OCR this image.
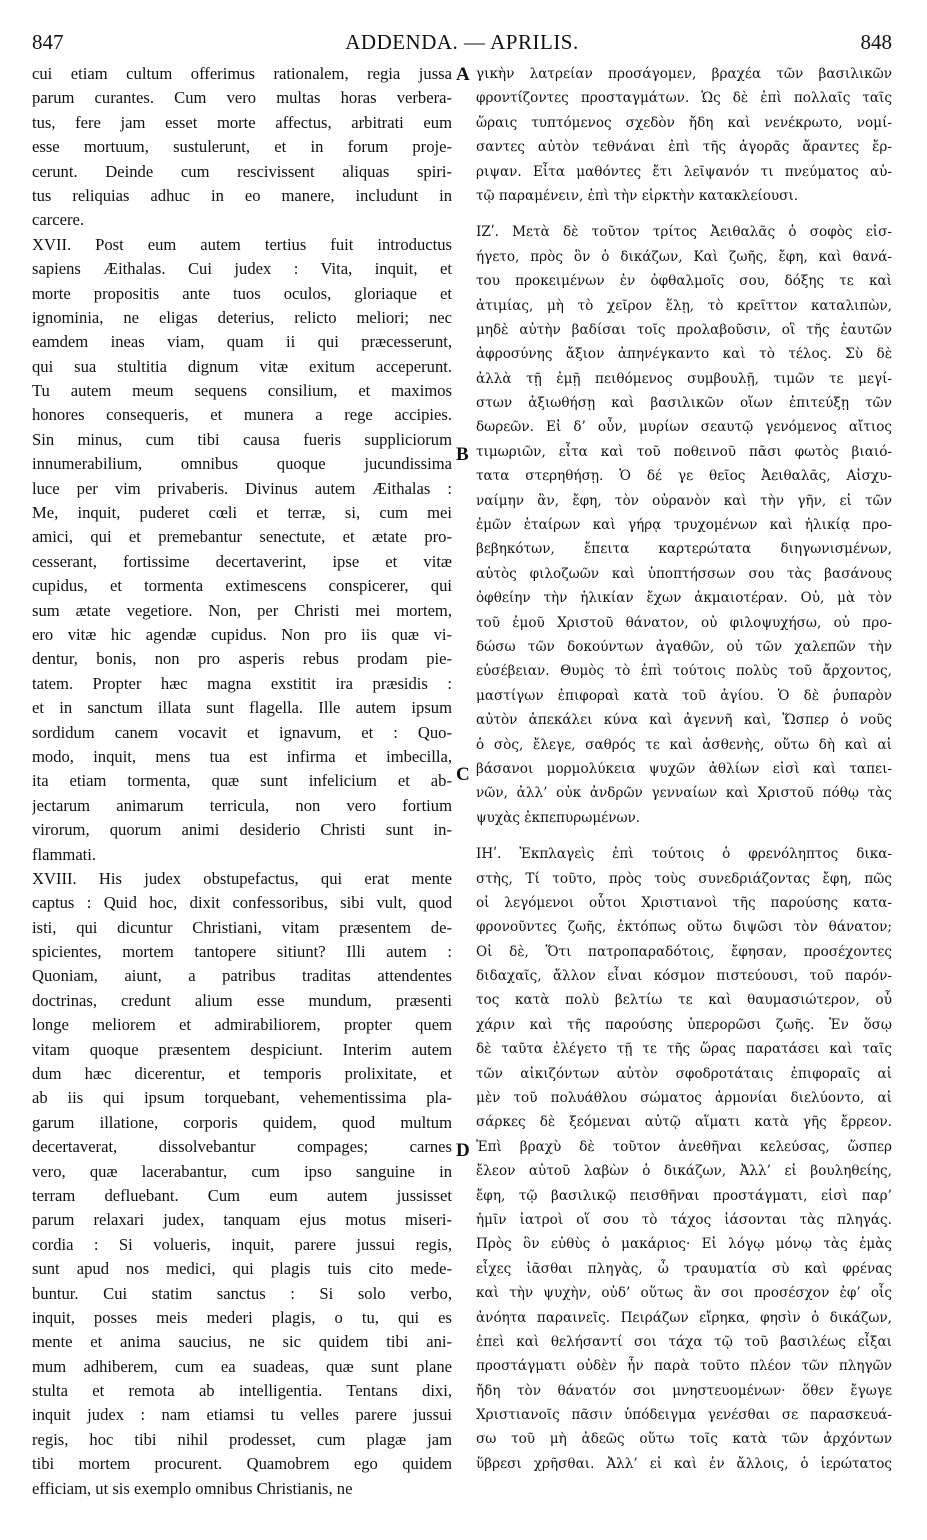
847	ADDENDA. — APRILIS.	848
cui etiam cultum offerimus rationalem, regia jussa
parum curantes. Cum vero multas horas verbera-
tus, fere jam esset morte affectus, arbitrati eum
esse mortuum, sustulerunt, et in forum proje-
cerunt. Deinde cum rescivissent aliquas spiri-
tus reliquias adhuc in eo manere, includunt in
carcere.
XVII. Post eum autem tertius fuit introductus
sapiens Æithalas. Cui judex : Vita, inquit, et
morte propositis ante tuos oculos, gloriaque et
ignominia, ne eligas deterius, relicto meliori; nec
eamdem ineas viam, quam ii qui præcesserunt,
qui sua stultitia dignum vitæ exitum acceperunt.
Tu autem meum sequens consilium, et maximos
honores consequeris, et munera a rege accipies.
Sin minus, cum tibi causa fueris suppliciorum
innumerabilium, omnibus quoque jucundissima
luce per vim privaberis. Divinus autem Æithalas :
Me, inquit, puderet cœli et terræ, si, cum mei
amici, qui et premebantur senectute, et ætate pro-
cesserant, fortissime decertaverint, ipse et vitæ
cupidus, et tormenta extimescens conspicerer, qui
sum ætate vegetiore. Non, per Christi mei mortem,
ero vitæ hic agendæ cupidus. Non pro iis quæ vi-
dentur, bonis, non pro asperis rebus prodam pie-
tatem. Propter hæc magna exstitit ira præsidis :
et in sanctum illata sunt flagella. Ille autem ipsum
sordidum canem vocavit et ignavum, et : Quo-
modo, inquit, mens tua est infirma et imbecilla,
ita etiam tormenta, quæ sunt infelicium et ab-
jectarum animarum terricula, non vero fortium
virorum, quorum animi desiderio Christi sunt in-
flammati.
XVIII. His judex obstupefactus, qui erat mente
captus : Quid hoc, dixit confessoribus, sibi vult, quod
isti, qui dicuntur Christiani, vitam præsentem de-
spicientes, mortem tantopere sitiunt? Illi autem :
Quoniam, aiunt, a patribus traditas attendentes
doctrinas, credunt alium esse mundum, præsenti
longe meliorem et admirabiliorem, propter quem
vitam quoque præsentem despiciunt. Interim autem
dum hæc dicerentur, et temporis prolixitate, et
ab iis qui ipsum torquebant, vehementissima pla-
garum illatione, corporis quidem, quod multum
decertaverat, dissolvebantur compages; carnes
vero, quæ lacerabantur, cum ipso sanguine in
terram defluebant. Cum eum autem jussisset
parum relaxari judex, tanquam ejus motus miseri-
cordia : Si volueris, inquit, parere jussui regis,
sunt apud nos medici, qui plagis tuis cito mede-
buntur. Cui statim sanctus : Si solo verbo,
inquit, posses meis mederi plagis, o tu, qui es
mente et anima saucius, ne sic quidem tibi ani-
mum adhiberem, cum ea suadeas, quæ sunt plane
stulta et remota ab intelligentia. Tentans dixi,
inquit judex : nam etiamsi tu velles parere jussui
regis, hoc tibi nihil prodesset, cum plagæ jam
tibi mortem procurent. Quamobrem ego quidem
efficiam, ut sis exemplo omnibus Christianis, ne
γικὴν λατρείαν προσάγομεν, βραχέα τῶν βασιλικῶν
φροντίζοντες προσταγμάτων. Ὡς δὲ ἐπὶ πολλαῖς ταῖς
ὥραις τυπτόμενος σχεδὸν ἤδη καὶ νενέκρωτο, νομί-
σαντες αὐτὸν τεθνάναι ἐπὶ τῆς ἀγορᾶς ἄραντες ἔρ-
ριψαν. Εἶτα μαθόντες ἔτι λεῖψανόν τι πνεύματος αὐ-
τῷ παραμένειν, ἐπὶ τὴν εἱρκτὴν κατακλείουσι.
ΙΖʹ. Μετὰ δὲ τοῦτον τρίτος Ἀειθαλᾶς ὁ σοφὸς εἰσ-
ήγετο, πρὸς ὃν ὁ δικάζων, Καὶ ζωῆς, ἔφη, καὶ θανά-
του προκειμένων ἐν ὀφθαλμοῖς σου, δόξης τε καὶ
ἀτιμίας, μὴ τὸ χεῖρον ἕλῃ, τὸ κρεῖττον καταλιπὼν,
μηδὲ αὐτὴν βαδίσαι τοῖς προλαβοῦσιν, οἳ τῆς ἑαυτῶν
ἀφροσύνης ἄξιον ἀπηνέγκαντο καὶ τὸ τέλος. Σὺ δὲ
ἀλλὰ τῇ ἐμῇ πειθόμενος συμβουλῇ, τιμῶν τε μεγί-
στων ἀξιωθήσῃ καὶ βασιλικῶν οἵων ἐπιτεύξῃ τῶν
δωρεῶν. Εἰ δ’ οὖν, μυρίων σεαυτῷ γενόμενος αἴτιος
τιμωριῶν, εἶτα καὶ τοῦ ποθεινοῦ πᾶσι φωτὸς βιαιό-
τατα στερηθήσῃ. Ὁ δέ γε θεῖος Ἀειθαλᾶς, Αἰσχυ-
ναίμην ἂν, ἔφη, τὸν οὐρανὸν καὶ τὴν γῆν, εἰ τῶν
ἐμῶν ἑταίρων καὶ γήρᾳ τρυχομένων καὶ ἡλικίᾳ προ-
βεβηκότων, ἔπειτα καρτερώτατα διηγωνισμένων,
αὐτὸς φιλοζωῶν καὶ ὑποπτήσσων σου τὰς βασάνους
ὀφθείην τὴν ἡλικίαν ἔχων ἀκμαιοτέραν. Οὐ, μὰ τὸν
τοῦ ἐμοῦ Χριστοῦ θάνατον, οὐ φιλοψυχήσω, οὐ προ-
δώσω τῶν δοκούντων ἀγαθῶν, οὐ τῶν χαλεπῶν τὴν
εὐσέβειαν. Θυμὸς τὸ ἐπὶ τούτοις πολὺς τοῦ ἄρχοντος,
μαστίγων ἐπιφοραὶ κατὰ τοῦ ἁγίου. Ὁ δὲ ῥυπαρὸν
αὐτὸν ἀπεκάλει κύνα καὶ ἀγεννῆ καὶ, Ὥσπερ ὁ νοῦς
ὁ σὸς, ἔλεγε, σαθρός τε καὶ ἀσθενὴς, οὕτω δὴ καὶ αἱ
βάσανοι μορμολύκεια ψυχῶν ἀθλίων εἰσὶ καὶ ταπει-
νῶν, ἀλλ’ οὐκ ἀνδρῶν γενναίων καὶ Χριστοῦ πόθῳ τὰς
ψυχὰς ἐκπεπυρωμένων.
ΙΗʹ. Ἐκπλαγεὶς ἐπὶ τούτοις ὁ φρενόληπτος δικα-
στὴς, Τί τοῦτο, πρὸς τοὺς συνεδριάζοντας ἔφη, πῶς
οἱ λεγόμενοι οὗτοι Χριστιανοὶ τῆς παρούσης κατα-
φρονοῦντες ζωῆς, ἐκτόπως οὕτω διψῶσι τὸν θάνατον;
Οἱ δὲ, Ὅτι πατροπαραδότοις, ἔφησαν, προσέχοντες
διδαχαῖς, ἄλλον εἶναι κόσμον πιστεύουσι, τοῦ παρόν-
τος κατὰ πολὺ βελτίω τε καὶ θαυμασιώτερον, οὗ
χάριν καὶ τῆς παρούσης ὑπερορῶσι ζωῆς. Ἐν ὅσῳ
δὲ ταῦτα ἐλέγετο τῇ τε τῆς ὥρας παρατάσει καὶ ταῖς
τῶν αἰκιζόντων αὐτὸν σφοδροτάταις ἐπιφοραῖς αἱ
μὲν τοῦ πολυάθλου σώματος ἁρμονίαι διελύοντο, αἱ
σάρκες δὲ ξεόμεναι αὐτῷ αἵματι κατὰ γῆς ἔρρεον.
Ἐπὶ βραχὺ δὲ τοῦτον ἀνεθῆναι κελεύσας, ὥσπερ
ἔλεον αὐτοῦ λαβὼν ὁ δικάζων, Ἀλλ’ εἰ βουληθείης,
ἔφη, τῷ βασιλικῷ πεισθῆναι προστάγματι, εἰσὶ παρ’
ἡμῖν ἰατροὶ οἵ σου τὸ τάχος ἰάσονται τὰς πληγάς.
Πρὸς ὃν εὐθὺς ὁ μακάριος· Εἰ λόγῳ μόνῳ τὰς ἐμὰς
εἶχες ἰᾶσθαι πληγὰς, ὦ τραυματία σὺ καὶ φρένας
καὶ τὴν ψυχὴν, οὐδ’ οὕτως ἂν σοι προσέσχον ἐφ’ οἷς
ἀνόητα παραινεῖς. Πειράζων εἴρηκα, φησὶν ὁ δικάζων,
ἐπεὶ καὶ θελήσαντί σοι τάχα τῷ τοῦ βασιλέως εἶξαι
προστάγματι οὐδὲν ἦν παρὰ τοῦτο πλέον τῶν πληγῶν
ἤδη τὸν θάνατόν σοι μνηστευομένων· ὅθεν ἔγωγε
Χριστιανοῖς πᾶσιν ὑπόδειγμα γενέσθαι σε παρασκευά-
σω τοῦ μὴ ἀδεῶς οὕτω τοῖς κατὰ τῶν ἀρχόντων
ὕβρεσι χρῆσθαι. Ἀλλ’ εἰ καὶ ἐν ἄλλοις, ὁ ἱερώτατος
A
B
C
D
